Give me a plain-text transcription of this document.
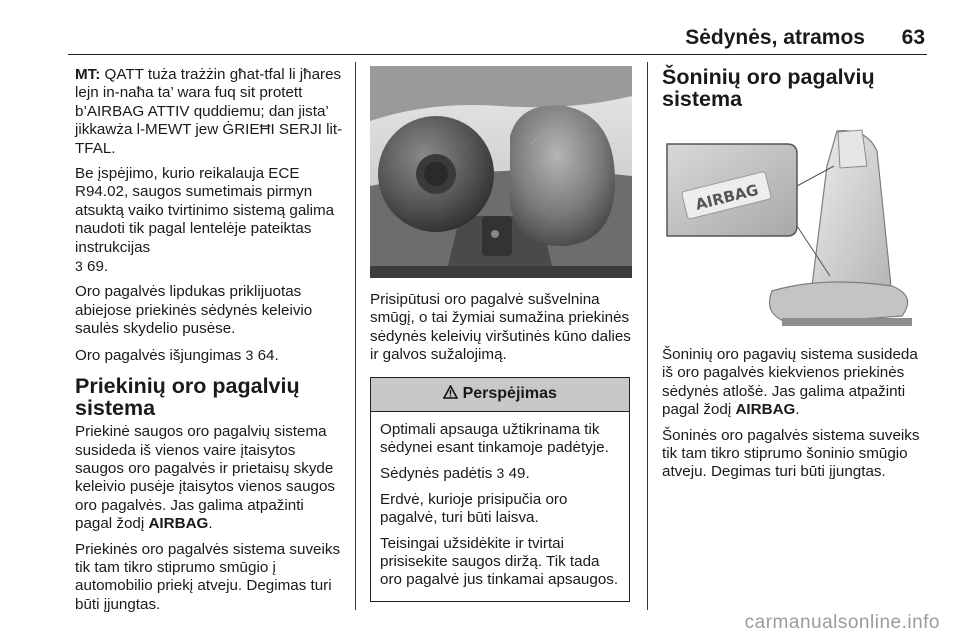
Sėdynės, atramos 63

MT: QATT tuża trażżin għat-tfal li jħares lejn in-naħa ta’ wara fuq sit protett b’AIRBAG ATTIV quddiemu; dan jista’ jikkawża l-MEWT jew ĠRIEĦI SERJI lit-TFAL.

Be įspėjimo, kurio reikalauja ECE R94.02, saugos sumetimais pirmyn atsuktą vaiko tvirtinimo sistemą galima naudoti tik pagal lentelėje pateiktas instrukcijas
3 69.

Oro pagalvės lipdukas priklijuotas abiejose priekinės sėdynės keleivio saulės skydelio pusėse.

Oro pagalvės išjungimas 3 64.

Priekinių oro pagalvių sistema

Priekinė saugos oro pagalvių sistema susideda iš vienos vaire įtaisytos saugos oro pagalvės ir prietaisų skyde keleivio pusėje įtaisytos vienos saugos oro pagalvės. Jas galima atpažinti pagal žodį AIRBAG.

Priekinės oro pagalvės sistema suveiks tik tam tikro stiprumo smūgio į automobilio priekį atveju. Degimas turi būti įjungtas.

Prisipūtusi oro pagalvė sušvelnina smūgį, o tai žymiai sumažina priekinės sėdynės keleivių viršutinės kūno dalies ir galvos sužalojimą.

Perspėjimas

Optimali apsauga užtikrinama tik sėdynei esant tinkamoje padėtyje.

Sėdynės padėtis 3 49.

Erdvė, kurioje prisipučia oro pagalvė, turi būti laisva.

Teisingai užsidėkite ir tvirtai prisisekite saugos diržą. Tik tada oro pagalvė jus tinkamai apsaugos.

Šoninių oro pagalvių sistema
AIRBAG

Šoninių oro pagavių sistema susideda iš oro pagalvės kiekvienos priekinės sėdynės atlošė. Jas galima atpažinti pagal žodį AIRBAG.

Šoninės oro pagalvės sistema suveiks tik tam tikro stiprumo šoninio smūgio atveju. Degimas turi būti įjungtas.

carmanualsonline.info
